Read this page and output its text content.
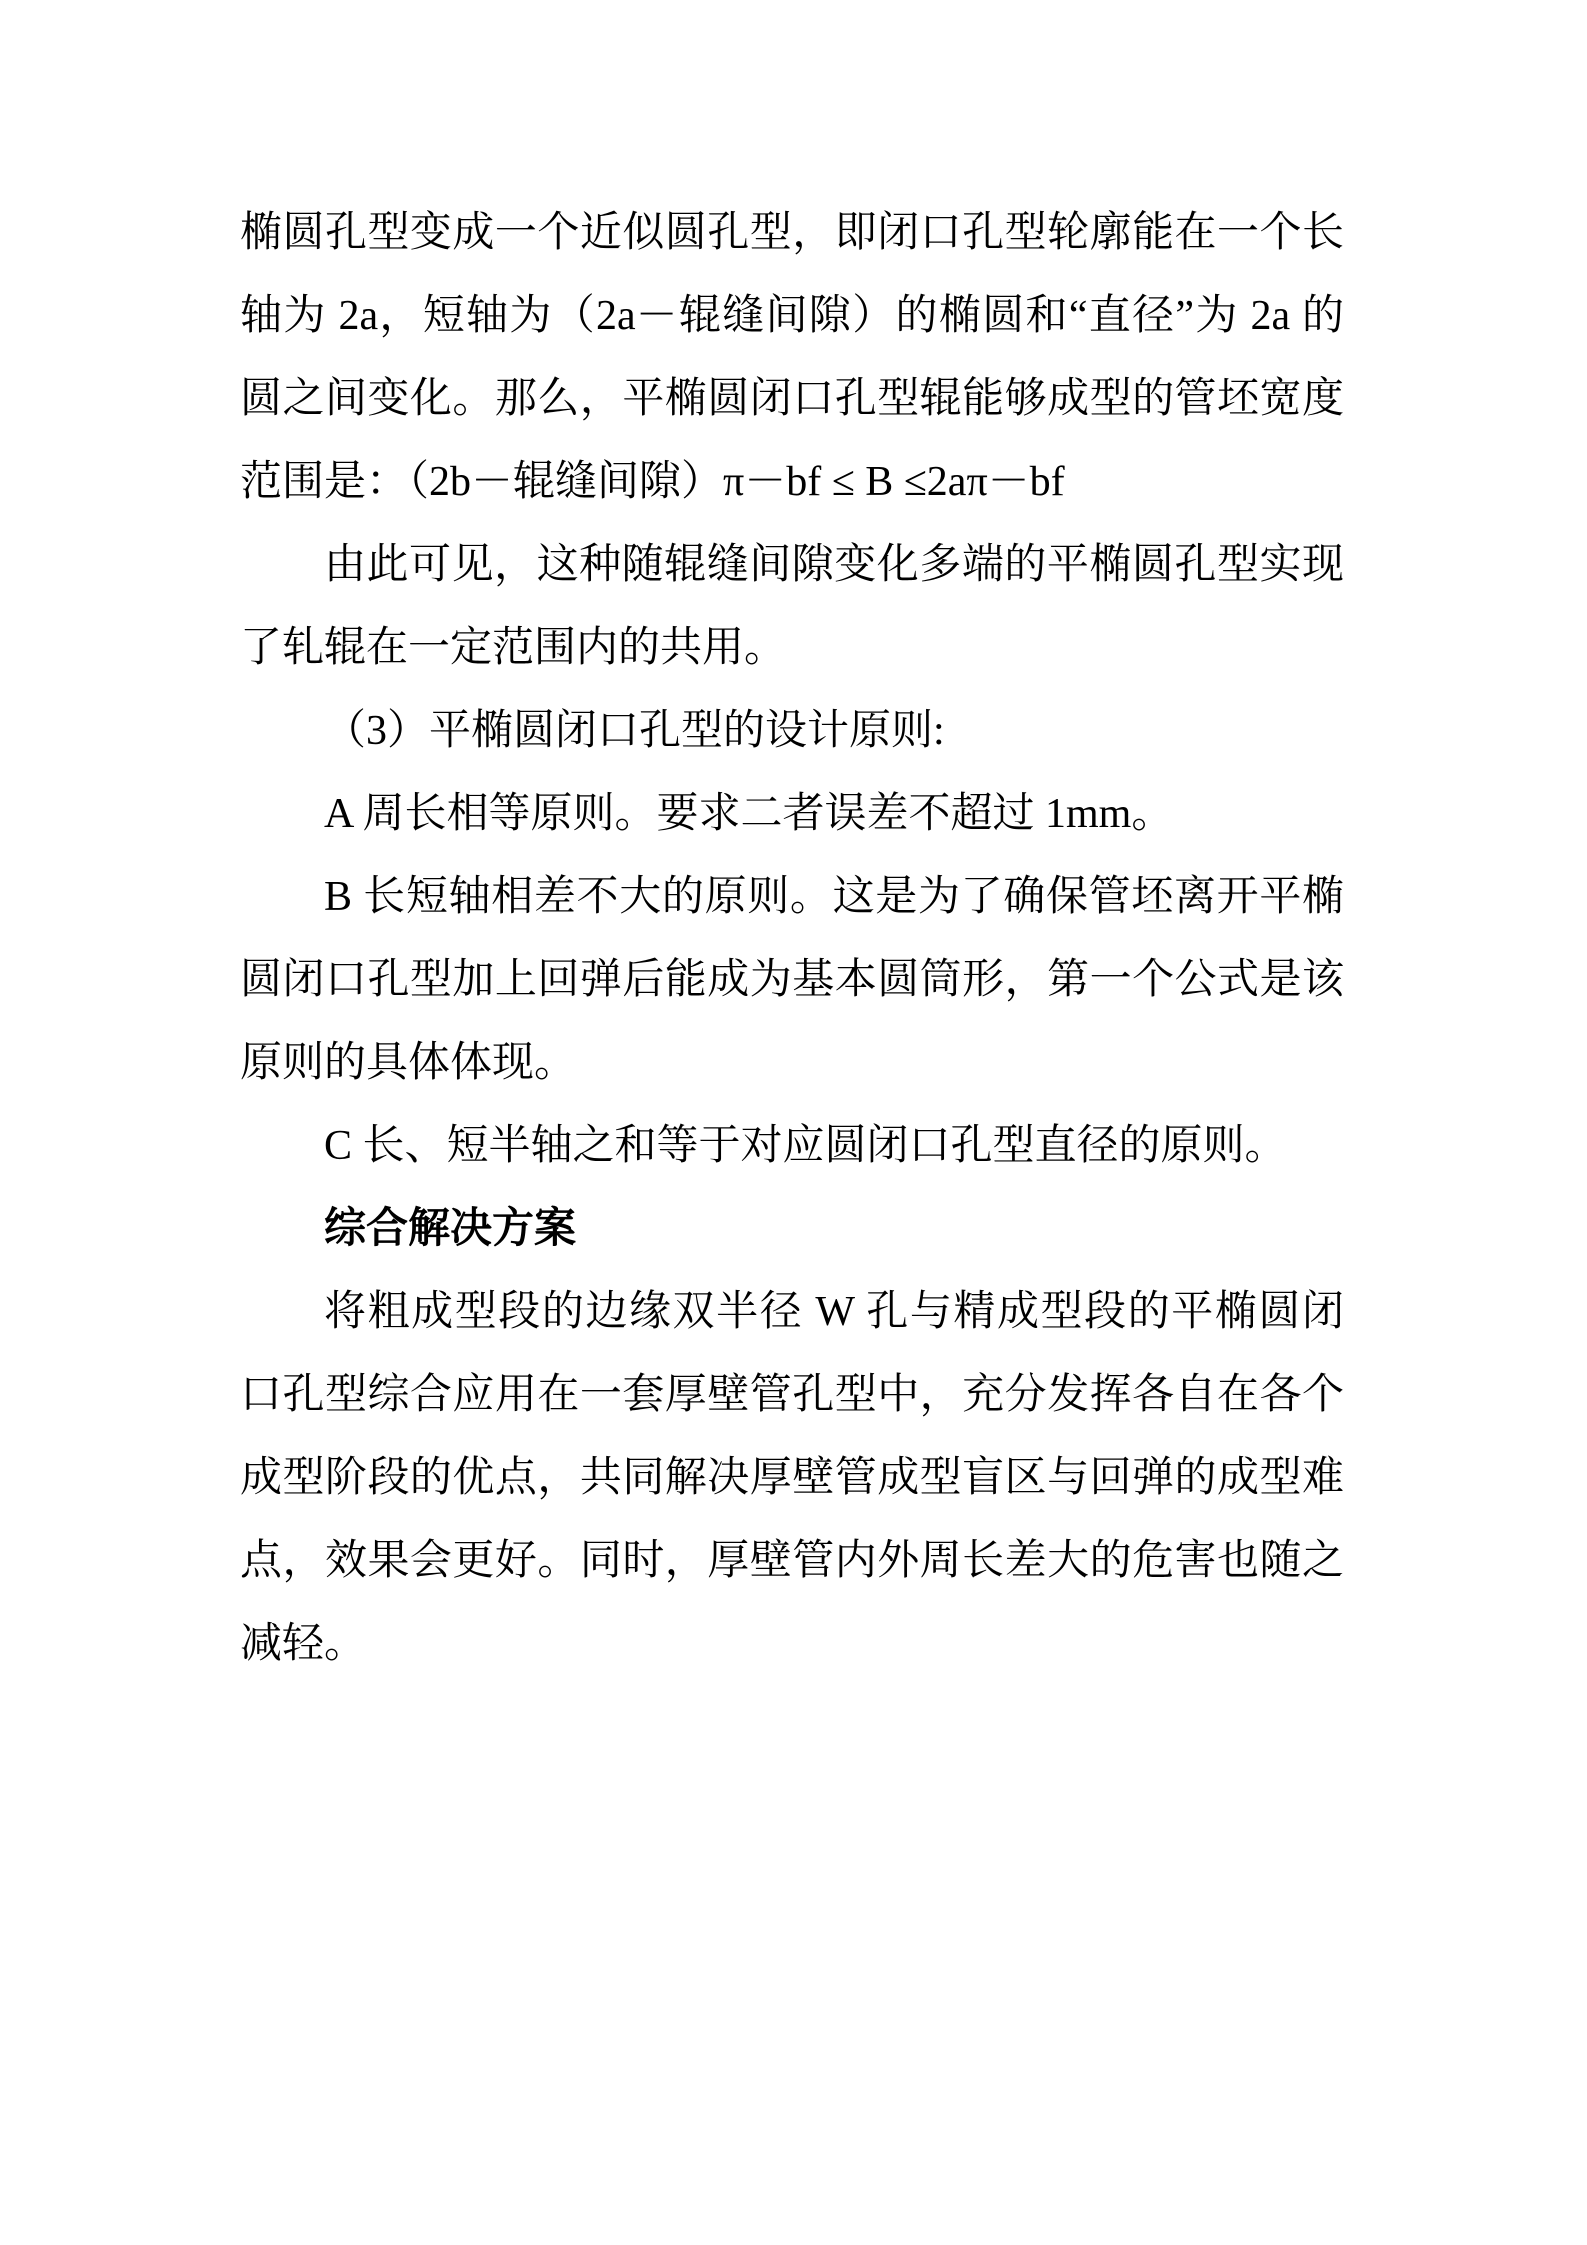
椭圆孔型变成一个近似圆孔型，即闭口孔型轮廓能在一个长轴为 2a，短轴为（2a－辊缝间隙）的椭圆和“直径”为 2a 的圆之间变化。那么，平椭圆闭口孔型辊能够成型的管坯宽度范围是：（2b－辊缝间隙）π－bf ≤ B ≤2aπ－bf

由此可见，这种随辊缝间隙变化多端的平椭圆孔型实现了轧辊在一定范围内的共用。

（3）平椭圆闭口孔型的设计原则:

A 周长相等原则。要求二者误差不超过 1mm。

B 长短轴相差不大的原则。这是为了确保管坯离开平椭圆闭口孔型加上回弹后能成为基本圆筒形，第一个公式是该原则的具体体现。

C 长、短半轴之和等于对应圆闭口孔型直径的原则。

综合解决方案

将粗成型段的边缘双半径 W 孔与精成型段的平椭圆闭口孔型综合应用在一套厚壁管孔型中，充分发挥各自在各个成型阶段的优点，共同解决厚壁管成型盲区与回弹的成型难点，效果会更好。同时，厚壁管内外周长差大的危害也随之减轻。
